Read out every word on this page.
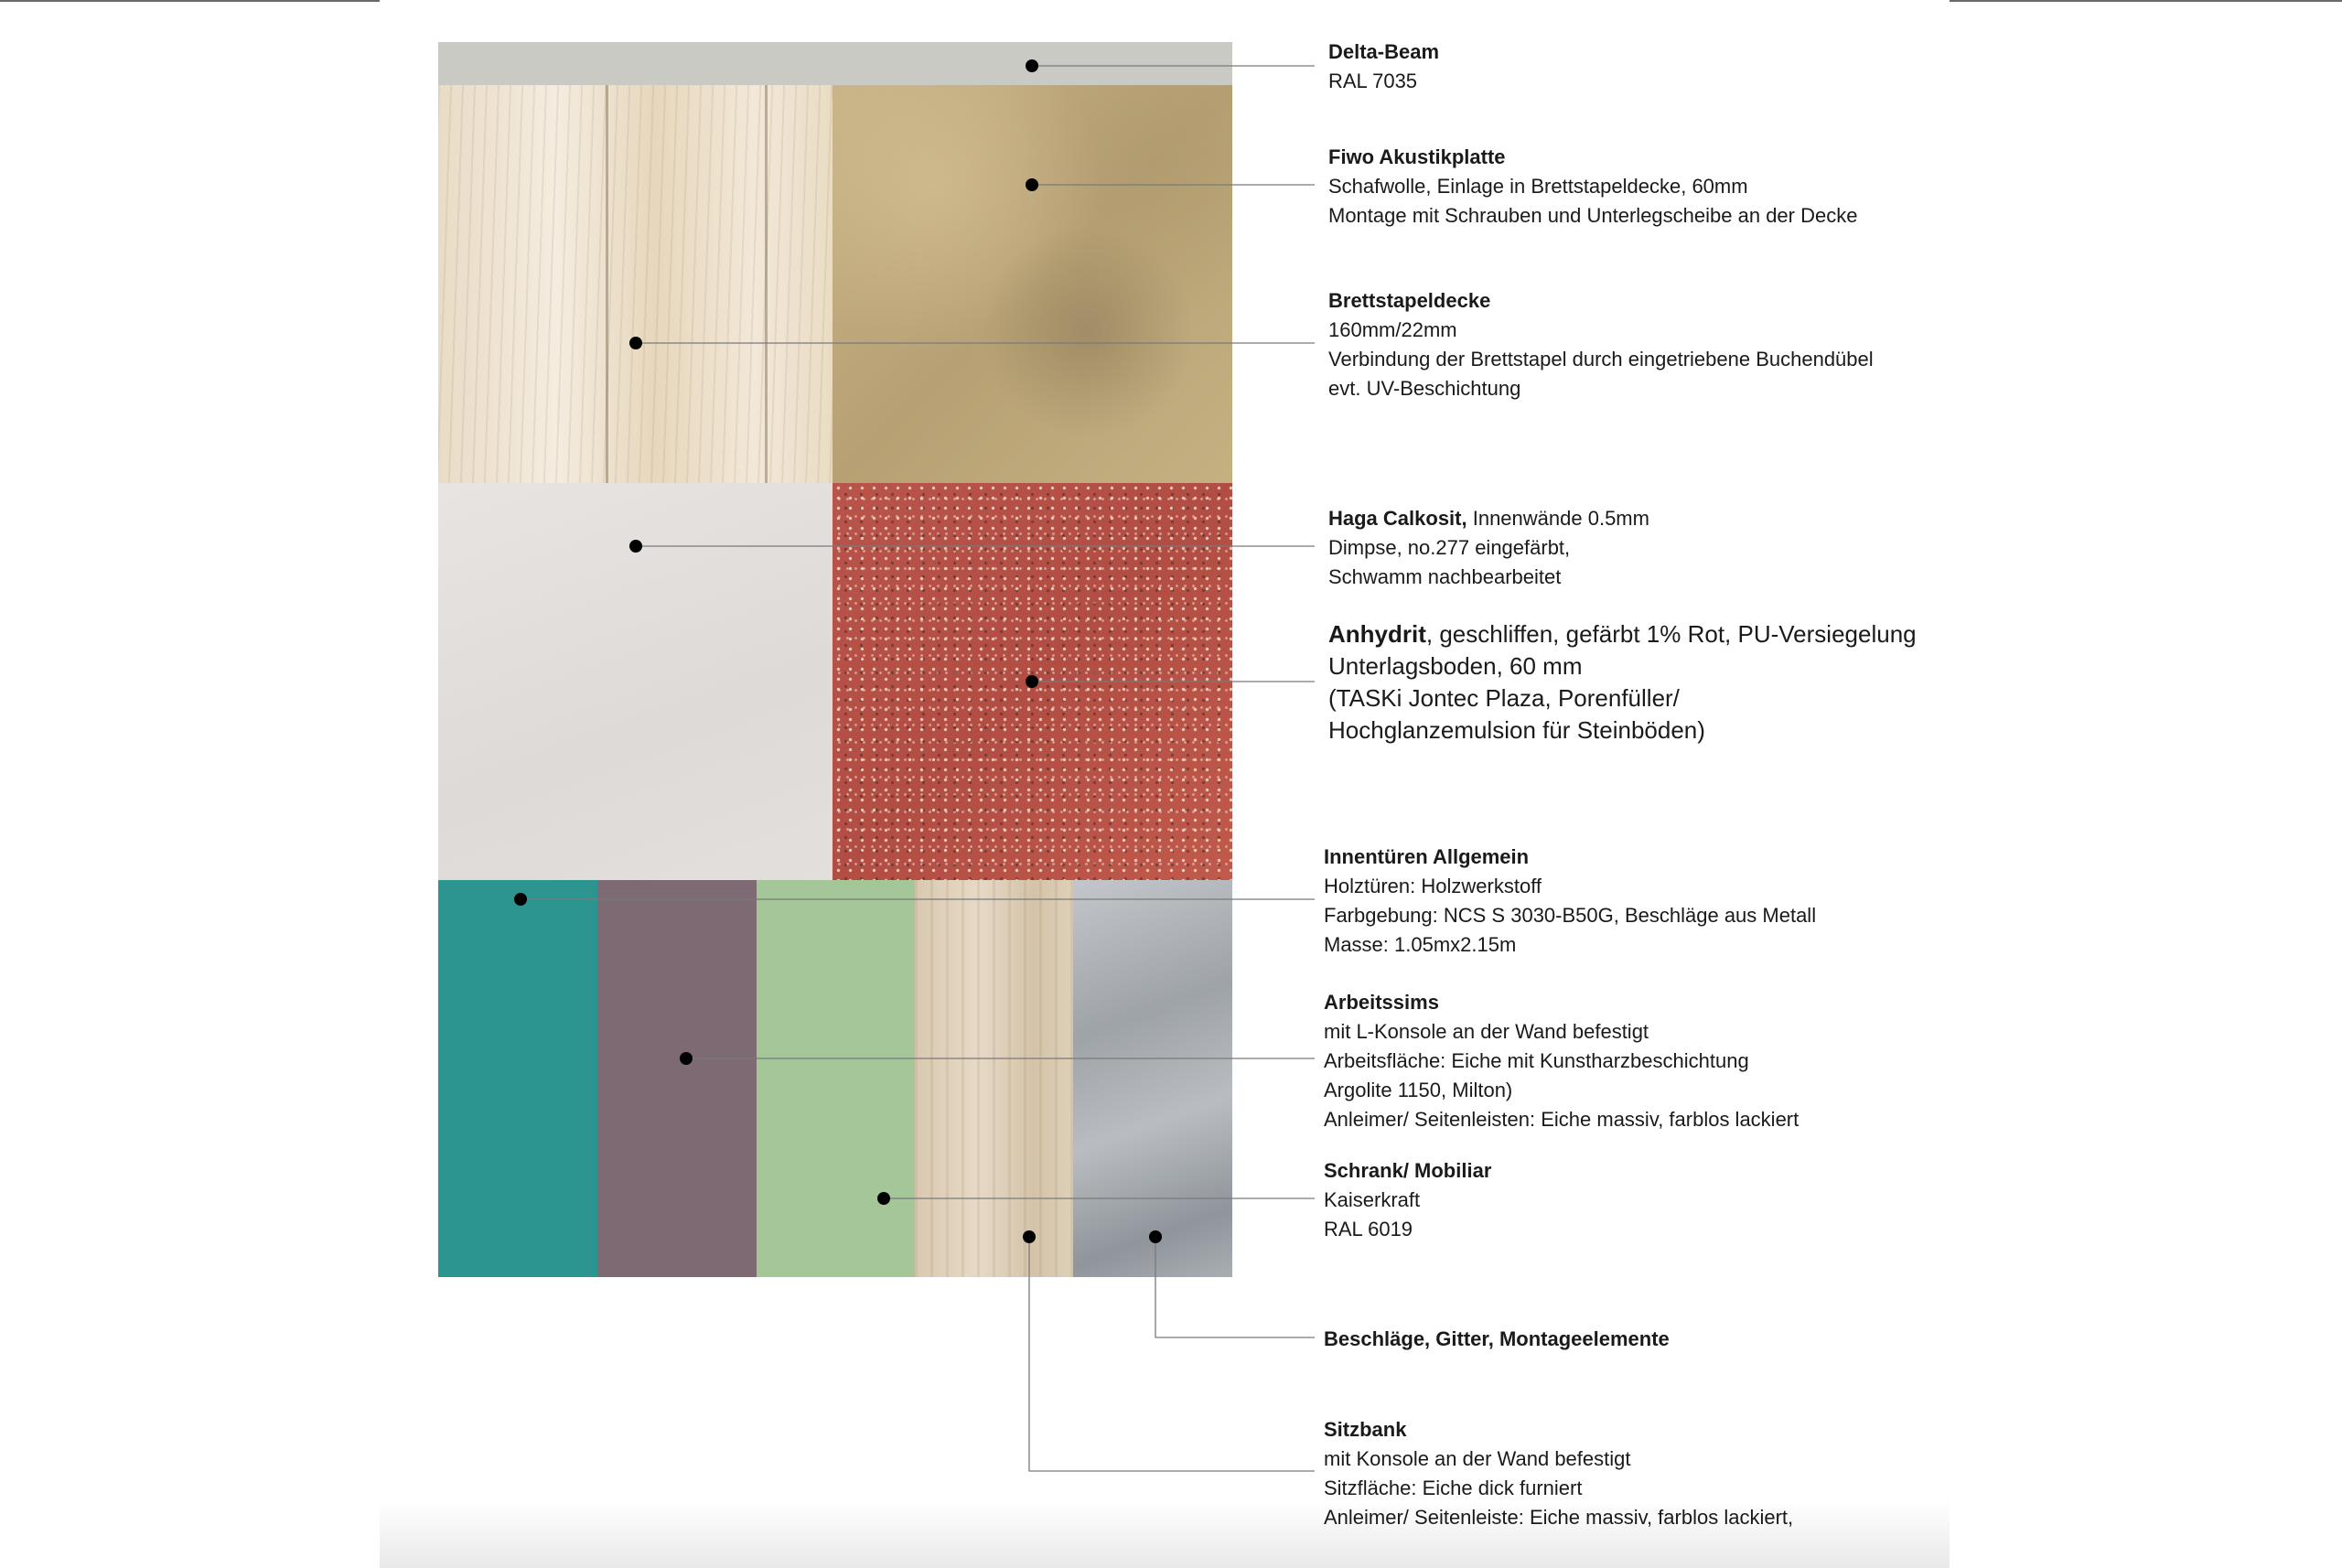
Delta-Beam
RAL 7035
Fiwo Akustikplatte
Schafwolle, Einlage in Brettstapeldecke, 60mm
Montage mit Schrauben und Unterlegscheibe an der Decke
Brettstapeldecke
160mm/22mm
Verbindung der Brettstapel durch eingetriebene Buchendübel
evt. UV-Beschichtung
Haga Calkosit, Innenwände 0.5mm
Dimpse, no.277 eingefärbt,
Schwamm nachbearbeitet
Anhydrit, geschliffen, gefärbt 1% Rot, PU-Versiegelung
Unterlagsboden, 60 mm
(TASKi Jontec Plaza, Porenfüller/
Hochglanzemulsion für Steinböden)
Innentüren Allgemein
Holztüren: Holzwerkstoff
Farbgebung: NCS S 3030-B50G, Beschläge aus Metall
Masse: 1.05mx2.15m
Arbeitssims
mit L-Konsole an der Wand befestigt
Arbeitsfläche: Eiche mit Kunstharzbeschichtung
Argolite 1150, Milton)
Anleimer/ Seitenleisten: Eiche massiv, farblos lackiert
Schrank/ Mobiliar
Kaiserkraft
RAL 6019
Beschläge, Gitter, Montageelemente
Sitzbank
mit Konsole an der Wand befestigt
Sitzfläche: Eiche dick furniert
Anleimer/ Seitenleiste: Eiche massiv, farblos lackiert,
